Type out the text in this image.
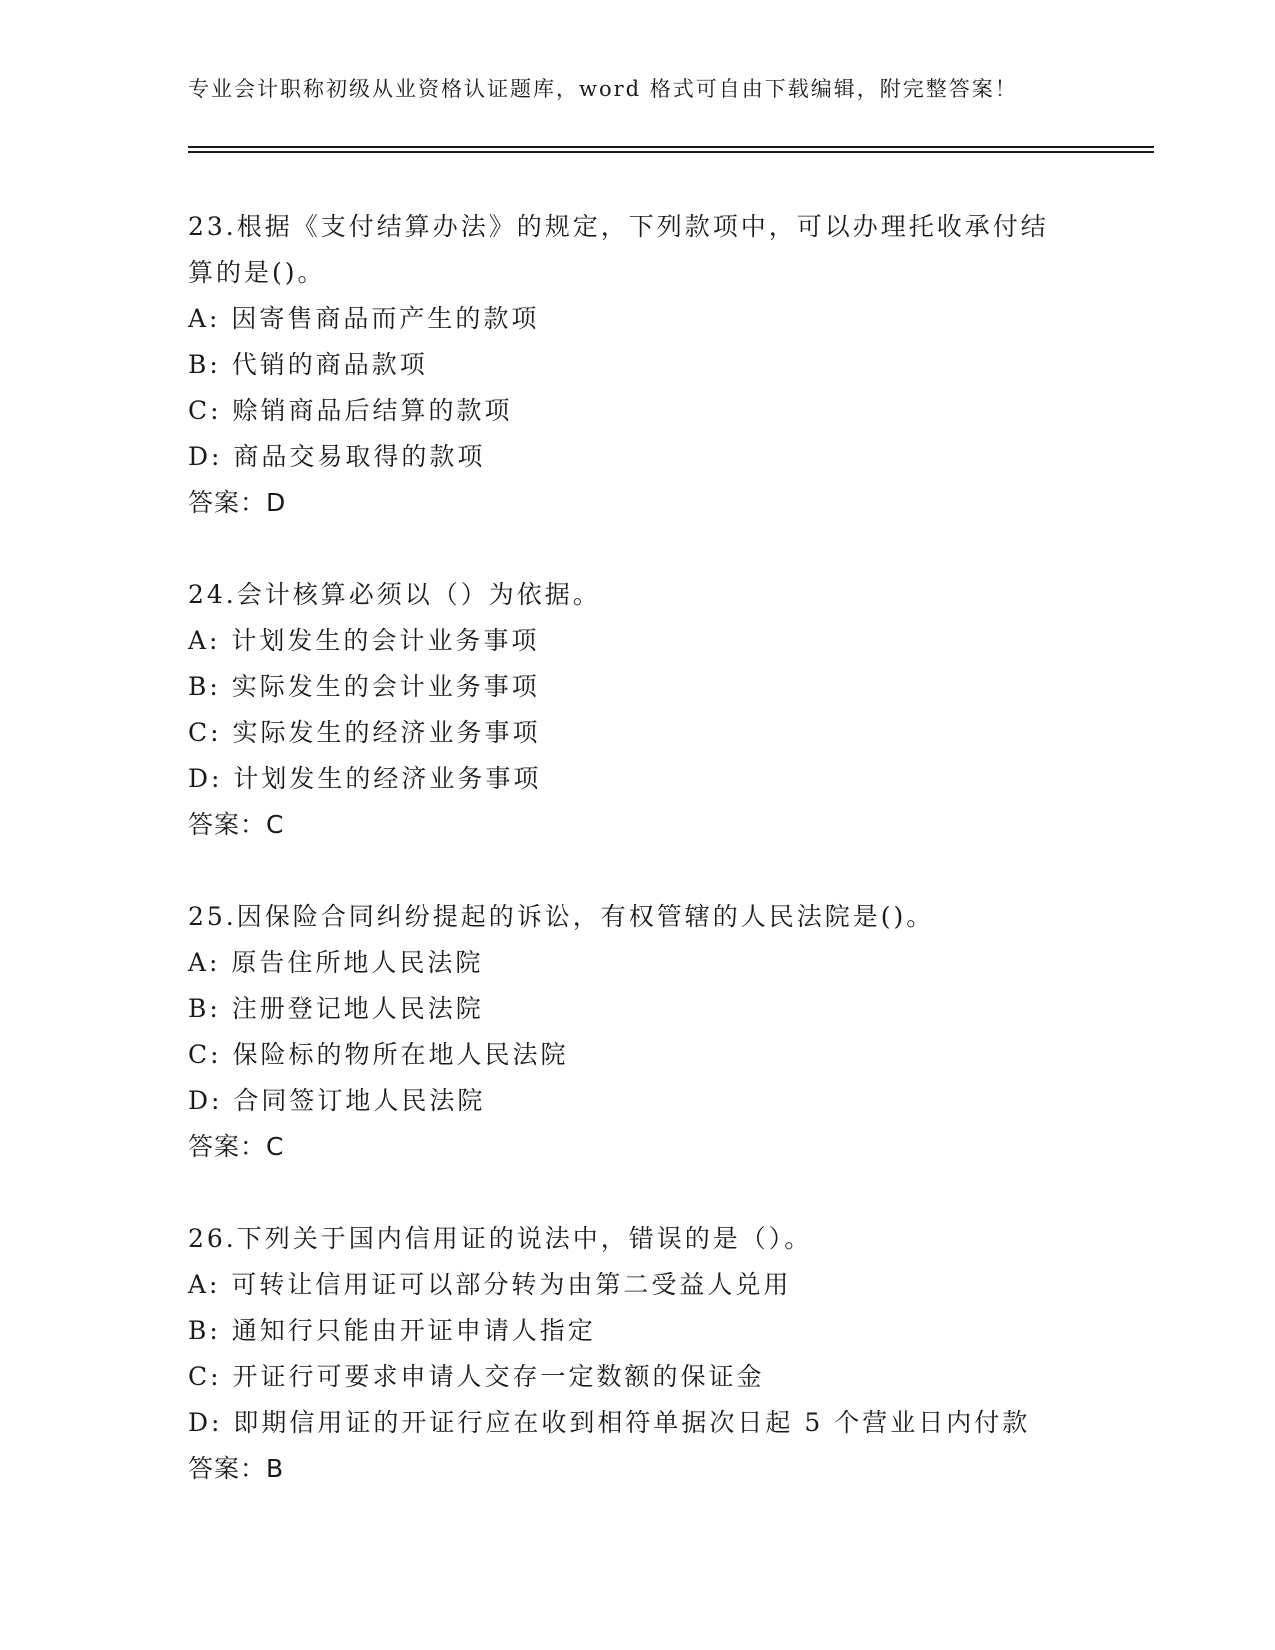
专业会计职称初级从业资格认证题库，word 格式可自由下载编辑，附完整答案！
23.根据《支付结算办法》的规定，下列款项中，可以办理托收承付结
算的是()。
A: 因寄售商品而产生的款项
B: 代销的商品款项
C: 赊销商品后结算的款项
D: 商品交易取得的款项
答案：D
24.会计核算必须以（）为依据。
A: 计划发生的会计业务事项
B: 实际发生的会计业务事项
C: 实际发生的经济业务事项
D: 计划发生的经济业务事项
答案：C
25.因保险合同纠纷提起的诉讼，有权管辖的人民法院是()。
A: 原告住所地人民法院
B: 注册登记地人民法院
C: 保险标的物所在地人民法院
D: 合同签订地人民法院
答案：C
26.下列关于国内信用证的说法中，错误的是（）。
A: 可转让信用证可以部分转为由第二受益人兑用
B: 通知行只能由开证申请人指定
C: 开证行可要求申请人交存一定数额的保证金
D: 即期信用证的开证行应在收到相符单据次日起 5 个营业日内付款
答案：B
